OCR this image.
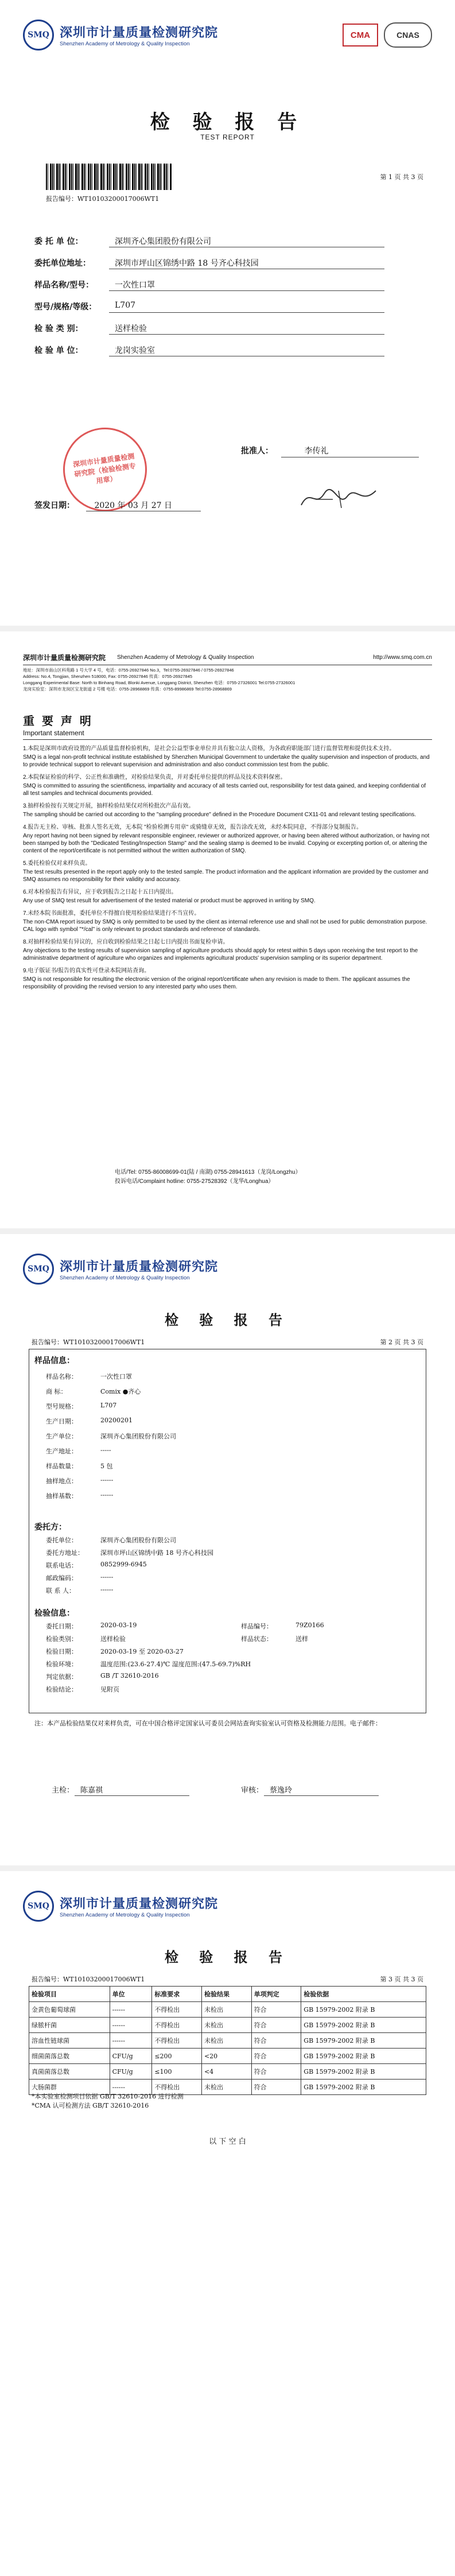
SMQ 深圳市计量质量检测研究院
Shenzhen Academy of Metrology & Quality Inspection
CMA	CNAS
检 验 报 告
TEST REPORT
第 1 页 共 3 页
报告编号：WT10103200017006WT1
委 托 单 位：	深圳齐心集团股份有限公司
委托单位地址：	深圳市坪山区锦绣中路 18 号齐心科技园
样品名称/型号：	一次性口罩
型号/规格/等级： L707
检 验 类 别：	送样检验
检 验 单 位：	龙岗实验室
深圳市计量质量检测研究院（检验检测专用章）
批准人：	李传礼
签发日期： 2020 年 03 月 27 日
深圳市计量质量检测研究院 Shenzhen Academy of Metrology & Quality Inspection	http://www.smq.com.cn
地址：深圳市南山区科苑路 1 号大学 4 号，电话：0755-26927846 No.3，Tel:0755-26927846 / 0755-26927846
Address: No.4, Tongjian, Shenzhen 518000, Fax: 0755-26927846 传真：0755-26927845
Longgang Experimental Base: North to Binhang Road, Blonki Avenue, Longgang District, Shenzhen 电话：0755-27326001 Tel:0755-27326001
龙岗实验室：深圳市龙岗区宝龙街道 2 号楼 电话：0755-28968869 传真：0755-89986869 Tel:0755-28968869
重 要 声 明
Important statement

1.本院是深圳市政府设置的产品质量监督检验机构，是社会公益型事业单位并具有独立法人资格，为各政府职能部门进行监督管理和提供技术支持。

SMQ is a legal non-profit technical institute established by Shenzhen Municipal Government to undertake the quality supervision and inspection of products, and to provide technical support to relevant supervision and administration and also conduct commission test from the public.

2.本院保证检验的科学、公正性和准确性，对检验结果负责，并对委托单位提供的样品及技术资料保密。

SMQ is committed to assuring the scientificness, impartiality and accuracy of all tests carried out, responsibility for test data gained, and keeping confidential of all test samples and technical documents provided.

3.抽样检验按有关规定开展，抽样检验结果仅对所检批次产品有效。

The sampling should be carried out according to the "sampling procedure" defined in the Procedure Document CX11-01 and relevant testing specifications.

4.报告无主检、审核、批准人签名无效，无本院 "检验检测专用章" 或骑缝章无效，报告涂改无效，未经本院同意，不得部分复制报告。

Any report having not been signed by relevant responsible engineer, reviewer or authorized approver, or having been altered without authorization, or having not been stamped by both the "Dedicated Testing/Inspection Stamp" and the sealing stamp is deemed to be invalid. Copying or excerpting portion of, or altering the content of the report/certificate is not permitted without the written authorization of SMQ.

5.委托检验仅对来样负责。

The test results presented in the report apply only to the tested sample. The product information and the applicant information are provided by the customer and SMQ assumes no responsibility for their validity and accuracy.

6.对本检验报告有异议，应于收到报告之日起十五日内提出。

Any use of SMQ test result for advertisement of the tested material or product must be approved in writing by SMQ.

7.未经本院书面批准，委托单位不得擅自使用检验结果进行不当宣传。

The non-CMA report issued by SMQ is only permitted to be used by the client as internal reference use and shall not be used for public demonstration purpose. CAL logo with symbol "*/cal" is only relevant to product standards and reference of standards.

8.对抽样检验结果有异议的，应自收到检验结果之日起七日内提出书面复检申请。

Any objections to the testing results of supervision sampling of agriculture products should apply for retest within 5 days upon receiving the test report to the administrative department of agriculture who organizes and implements agricultural products' supervision sampling or its superior department.

9.电子版证书/报告的真实性可登录本院网站查询。

SMQ is not responsible for resulting the electronic version of the original report/certificate when any revision is made to them. The applicant assumes the responsibility of providing the revised version to any interested party who uses them.

电话/Tel: 0755-86008699-01(陆 / 南湖) 0755-28941613（龙岗/Longzhu）
投诉电话/Complaint hotline: 0755-27528392（龙华/Longhua）
SMQ 深圳市计量质量检测研究院
Shenzhen Academy of Metrology & Quality Inspection
检 验 报 告
报告编号：WT10103200017006WT1	第 2 页 共 3 页
样品信息：
样品名称：	一次性口罩
商 标：	Comix ●齐心
型号规格：	L707
生产日期：	20200201
生产单位：	深圳齐心集团股份有限公司
生产地址：	-----
样品数量：	5 包
抽样地点：	------
抽样基数：	------
委托方：
委托单位：	深圳齐心集团股份有限公司
委托方地址：	深圳市坪山区锦绣中路 18 号齐心科技园
联系电话：	0852999-6945
邮政编码：	------
联 系 人：	------
检验信息：
委托日期：	2020-03-19	样品编号：	79Z0166
检验类别：	送样检验	样品状态：	送样
检验日期：	2020-03-19 至 2020-03-27
检验环境：	温度范围:(23.6-27.4)℃ 湿度范围:(47.5-69.7)%RH
判定依据：	GB /T 32610-2016
检验结论：	见附页
注：本产品检验结果仅对来样负责，可在中国合格评定国家认可委员会网站查询实验室认可资格及检测能力范围。电子邮件：
主检： 陈嘉祺	审核： 蔡逸玲
SMQ 深圳市计量质量检测研究院
Shenzhen Academy of Metrology & Quality Inspection
检 验 报 告
报告编号：WT10103200017006WT1	第 3 页 共 3 页
检验项目	单位	标准要求	检验结果	单项判定	检验依据
金黄色葡萄球菌	------	不得检出	未检出	符合	GB 15979-2002 附录 B
绿脓杆菌	------	不得检出	未检出	符合	GB 15979-2002 附录 B
溶血性链球菌	------	不得检出	未检出	符合	GB 15979-2002 附录 B
细菌菌落总数	CFU/g	≤200	<20	符合	GB 15979-2002 附录 B
真菌菌落总数	CFU/g	≤100	<4	符合	GB 15979-2002 附录 B
大肠菌群	------	不得检出	未检出	符合	GB 15979-2002 附录 B
*本实验室检测项目依据 GB/T 32610-2016 进行检测
*CMA 认可检测方法 GB/T 32610-2016
以 下 空 白
